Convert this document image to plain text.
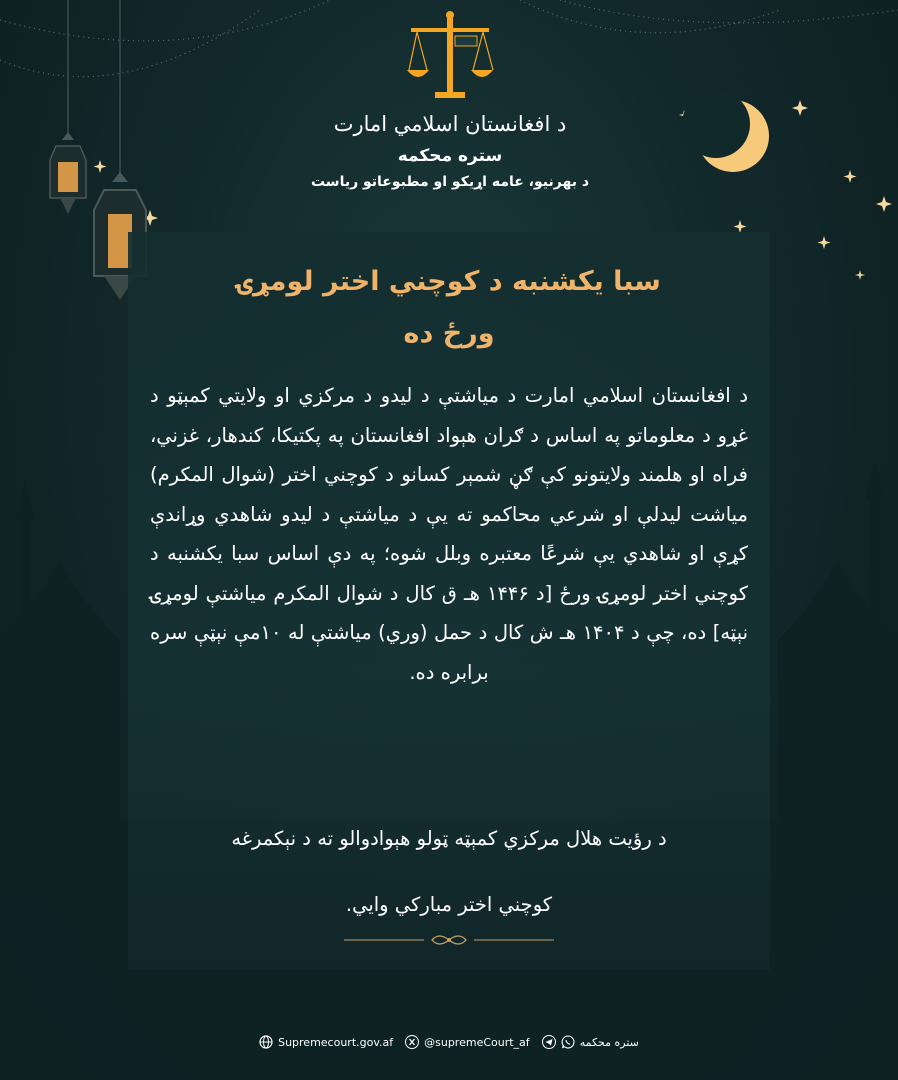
د افغانستان اسلامي امارت
ستره محکمه
د بهرنیو، عامه اړیکو او مطبوعاتو ریاست
سبا یکشنبه د کوچني اختر لومړۍ
ورځ ده
د افغانستان اسلامي امارت د میاشتې د لیدو د مرکزي او ولایتي کمېټو د غړو د معلوماتو په اساس د ګران هېواد افغانستان په پکتیکا، کندهار، غزني، فراه او هلمند ولایتونو کې ګڼ شمېر کسانو د کوچني اختر (شوال المکرم) میاشت لیدلې او شرعي محاکمو ته یې د میاشتې د لیدو شاهدي وړاندې کړې او شاهدي یې شرعًا معتبره وبلل شوه؛ په دې اساس سبا یکشنبه د کوچني اختر لومړۍ ورځ [د ۱۴۴۶ هـ ق کال د شوال المکرم میاشتې لومړۍ نېټه] ده، چې د ۱۴۰۴ هـ ش کال د حمل (وري) میاشتې له ۱۰مې نېټې سره برابره ده.
د رؤیت هلال مرکزي کمېټه ټولو هېوادوالو ته د نېکمرغه
کوچني اختر مبارکي وایي.
Supremecourt.gov.af	@supremeCourt_af	ستره محکمه
